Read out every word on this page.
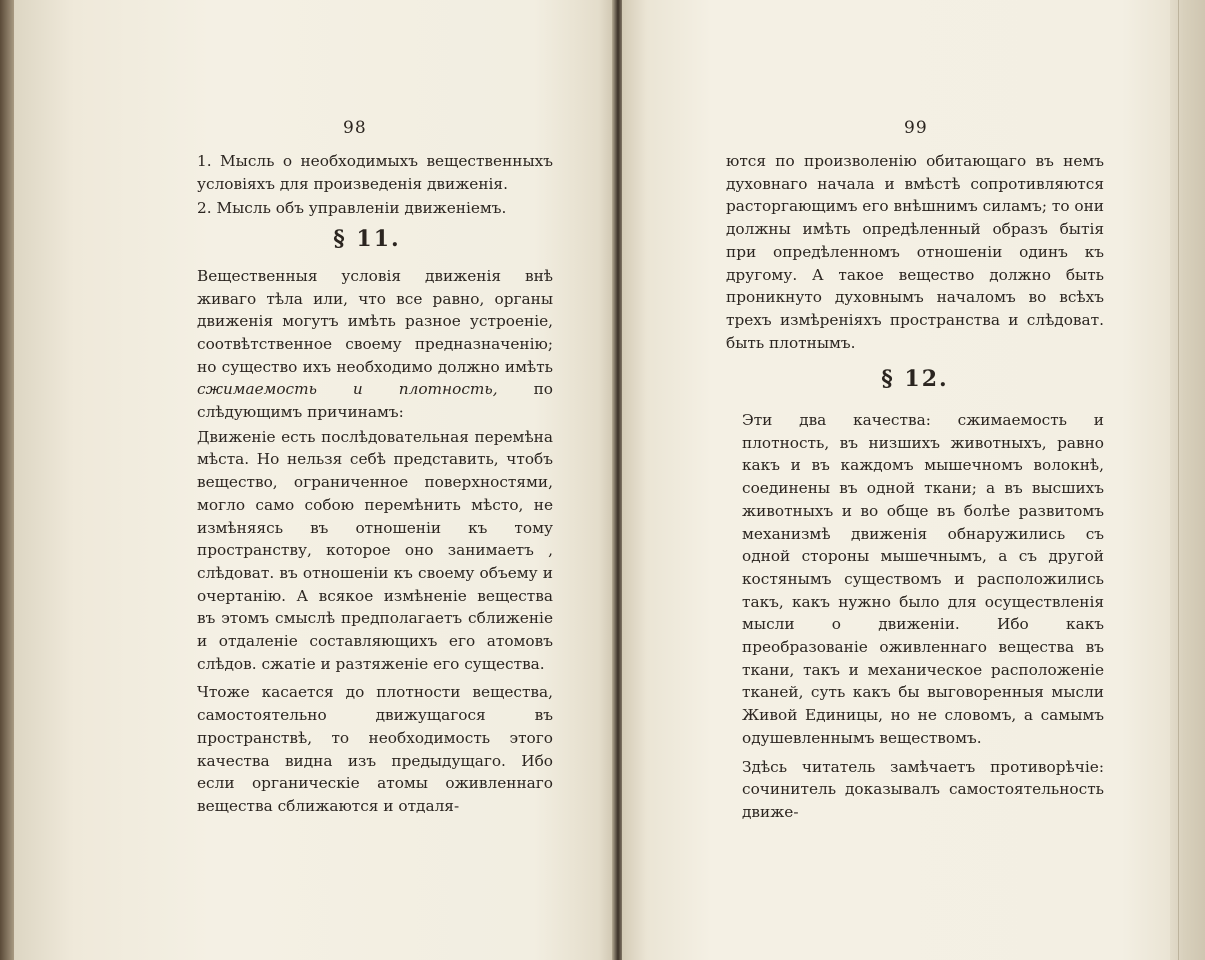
98
1. Мысль о необходимыхъ вещественныхъ условіяхъ для произведенія движенія.
2. Мысль объ управленіи движеніемъ.
§ 11.
Вещественныя условія движенія внѣ живаго тѣла или, что все равно, органы движенія могутъ имѣть разное устроеніе, соотвѣтственное своему предназначенію; но существо ихъ необходимо должно имѣть сжимаемость и плотность, по слѣдующимъ причинамъ:
Движеніе есть послѣдовательная перемѣна мѣста. Но нельзя себѣ представить, чтобъ вещество, ограниченное поверхностями, могло само собою перемѣнить мѣсто, не измѣняясь въ отношеніи къ тому пространству, которое оно занимаетъ , слѣдоват. въ отношеніи къ своему объему и очертанію. А всякое измѣненіе вещества въ этомъ смыслѣ предполагаетъ сближеніе и отдаленіе составляющихъ его атомовъ слѣдов. сжатіе и разтяженіе его существа.
Чтоже касается до плотности вещества, самостоятельно движущагося въ пространствѣ, то необходимость этого качества видна изъ предыдущаго. Ибо если органическіе атомы оживленнаго вещества сближаются и отдаля-
99
ются по произволенію обитающаго въ немъ духовнаго начала и вмѣстѣ сопротивляются расторгающимъ его внѣшнимъ силамъ; то они должны имѣть опредѣленный образъ бытія при опредѣленномъ отношеніи одинъ къ другому. А такое вещество должно быть проникнуто духовнымъ началомъ во всѣхъ трехъ измѣреніяхъ пространства и слѣдоват. быть плотнымъ.
§ 12.
Эти два качества: сжимаемость и плотность, въ низшихъ животныхъ, равно какъ и въ каждомъ мышечномъ волокнѣ, соединены въ одной ткани; а въ высшихъ животныхъ и во обще въ болѣе развитомъ механизмѣ движенія обнаружились съ одной стороны мышечнымъ, а съ другой костянымъ существомъ и расположились такъ, какъ нужно было для осуществленія мысли о движеніи. Ибо какъ преобразованіе оживленнаго вещества въ ткани, такъ и механическое расположеніе тканей, суть какъ бы выговоренныя мысли Живой Единицы, но не словомъ, а самымъ одушевленнымъ веществомъ.
Здѣсь читатель замѣчаетъ противорѣчіе: сочинитель доказывалъ самостоятельность движе-
